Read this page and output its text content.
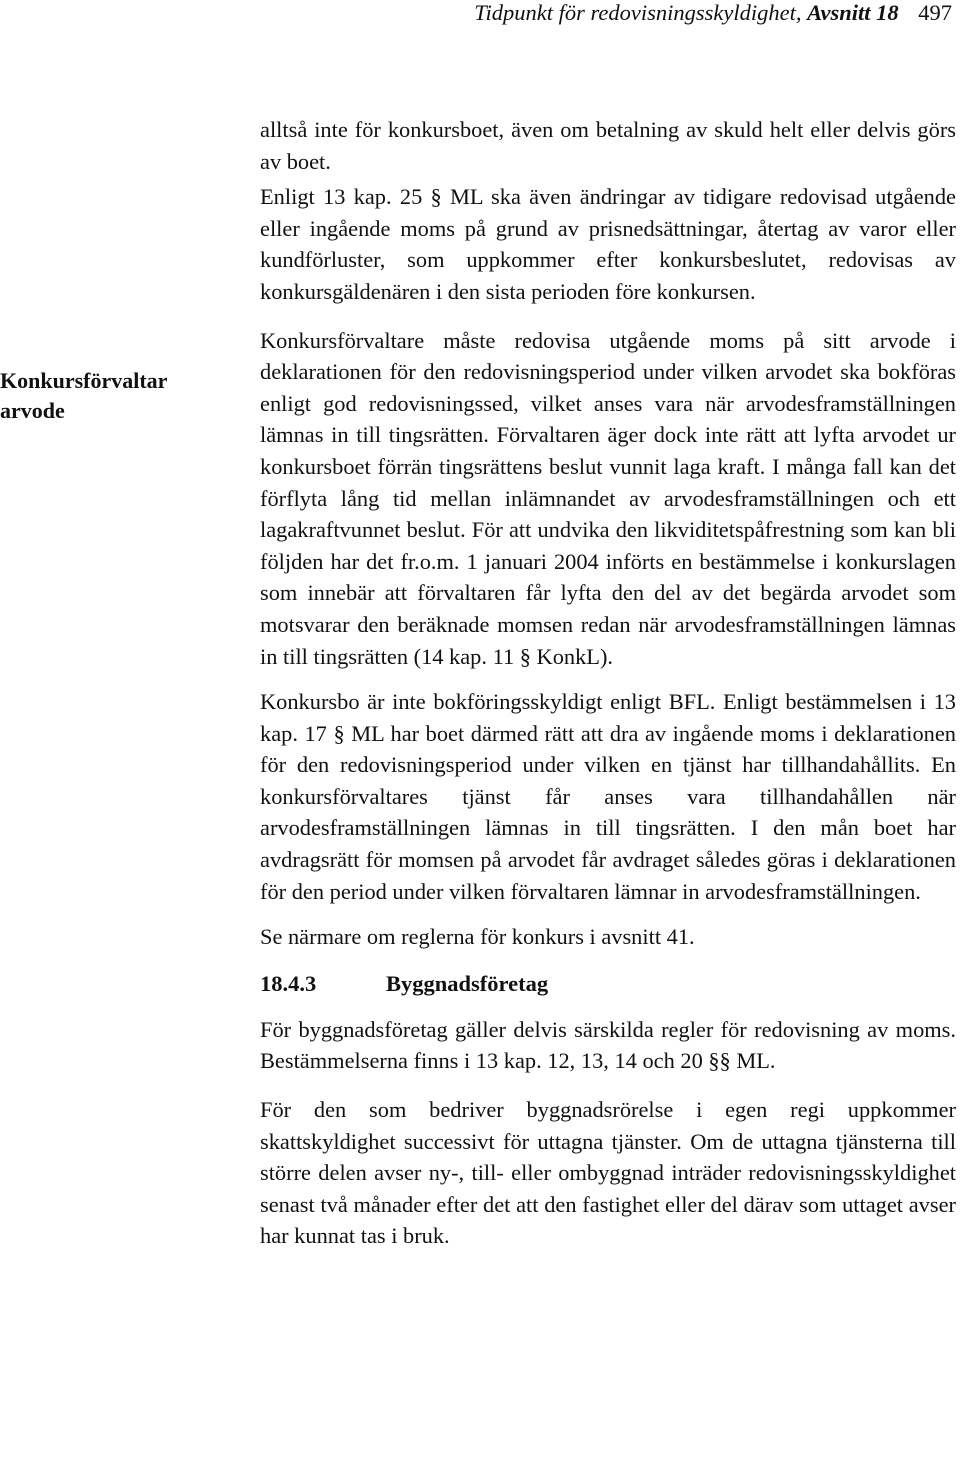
Tidpunkt för redovisningsskyldighet, Avsnitt 18 497
Konkursförvaltar
arvode

alltså inte för konkursboet, även om betalning av skuld helt eller delvis görs av boet.

Enligt 13 kap. 25 § ML ska även ändringar av tidigare redovisad utgående eller ingående moms på grund av prisnedsättningar, återtag av varor eller kundförluster, som uppkommer efter konkursbeslutet, redovisas av konkursgäldenären i den sista perioden före konkursen.

Konkursförvaltare måste redovisa utgående moms på sitt arvode i deklarationen för den redovisningsperiod under vilken arvodet ska bokföras enligt god redovisningssed, vilket anses vara när arvodesframställningen lämnas in till tingsrätten. Förvaltaren äger dock inte rätt att lyfta arvodet ur konkursboet förrän tingsrättens beslut vunnit laga kraft. I många fall kan det förflyta lång tid mellan inlämnandet av arvodesframställningen och ett lagakraftvunnet beslut. För att undvika den likviditetspåfrestning som kan bli följden har det fr.o.m. 1 januari 2004 införts en bestämmelse i konkurslagen som innebär att förvaltaren får lyfta den del av det begärda arvodet som motsvarar den beräknade momsen redan när arvodesframställningen lämnas in till tingsrätten (14 kap. 11 § KonkL).

Konkursbo är inte bokföringsskyldigt enligt BFL. Enligt bestämmelsen i 13 kap. 17 § ML har boet därmed rätt att dra av ingående moms i deklarationen för den redovisningsperiod under vilken en tjänst har tillhandahållits. En konkursförvaltares tjänst får anses vara tillhandahållen när arvodesframställningen lämnas in till tingsrätten. I den mån boet har avdragsrätt för momsen på arvodet får avdraget således göras i deklarationen för den period under vilken förvaltaren lämnar in arvodesframställningen.

Se närmare om reglerna för konkurs i avsnitt 41.

18.4.3	Byggnadsföretag

För byggnadsföretag gäller delvis särskilda regler för redovisning av moms. Bestämmelserna finns i 13 kap. 12, 13, 14 och 20 §§ ML.

För den som bedriver byggnadsrörelse i egen regi uppkommer skattskyldighet successivt för uttagna tjänster. Om de uttagna tjänsterna till större delen avser ny-, till- eller ombyggnad inträder redovisningsskyldighet senast två månader efter det att den fastighet eller del därav som uttaget avser har kunnat tas i bruk.
